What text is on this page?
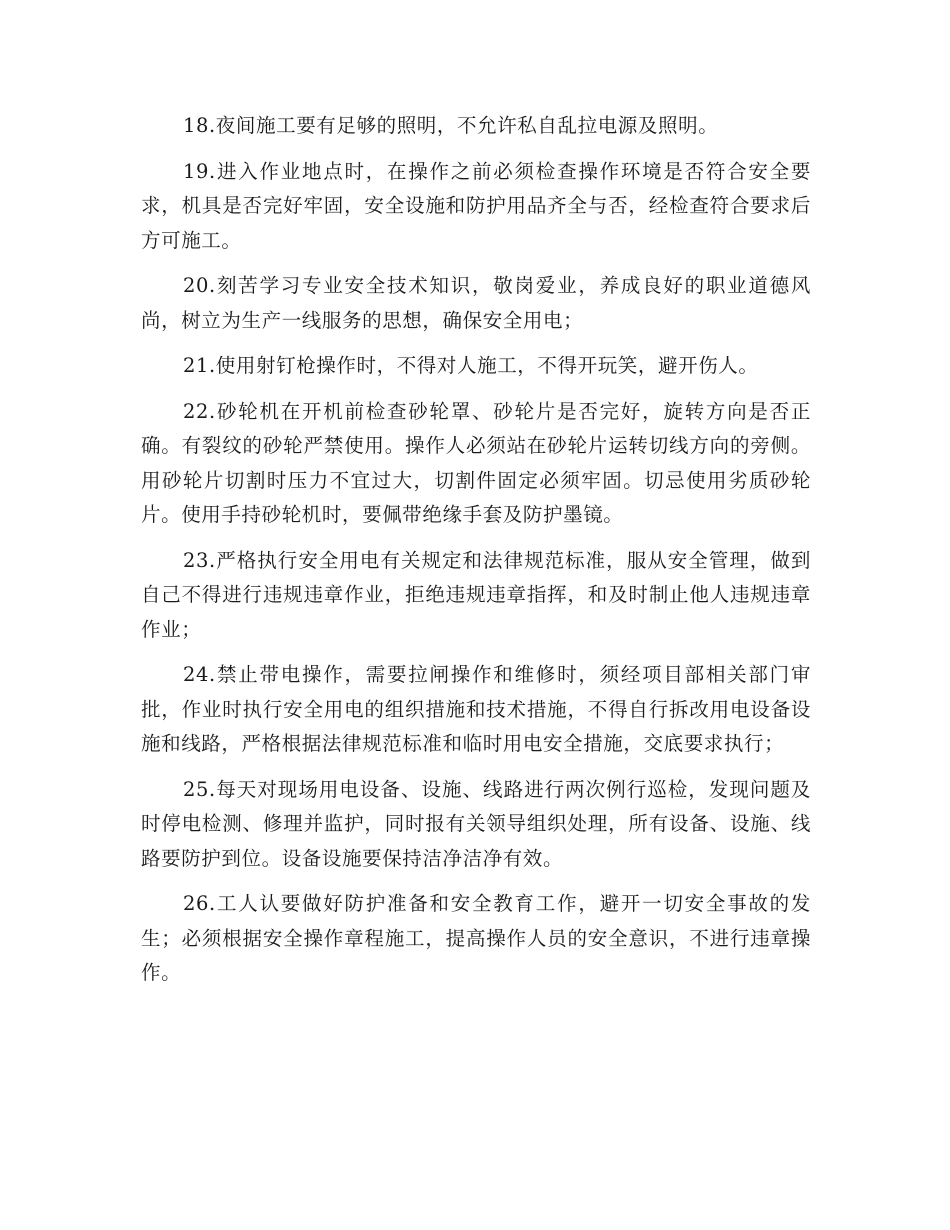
18.夜间施工要有足够的照明，不允许私自乱拉电源及照明。

19.进入作业地点时，在操作之前必须检查操作环境是否符合安全要求，机具是否完好牢固，安全设施和防护用品齐全与否，经检查符合要求后方可施工。

20.刻苦学习专业安全技术知识，敬岗爱业，养成良好的职业道德风尚，树立为生产一线服务的思想，确保安全用电；

21.使用射钉枪操作时，不得对人施工，不得开玩笑，避开伤人。

22.砂轮机在开机前检查砂轮罩、砂轮片是否完好，旋转方向是否正确。有裂纹的砂轮严禁使用。操作人必须站在砂轮片运转切线方向的旁侧。用砂轮片切割时压力不宜过大，切割件固定必须牢固。切忌使用劣质砂轮片。使用手持砂轮机时，要佩带绝缘手套及防护墨镜。

23.严格执行安全用电有关规定和法律规范标准，服从安全管理，做到自己不得进行违规违章作业，拒绝违规违章指挥，和及时制止他人违规违章作业；

24.禁止带电操作，需要拉闸操作和维修时，须经项目部相关部门审批，作业时执行安全用电的组织措施和技术措施，不得自行拆改用电设备设施和线路，严格根据法律规范标准和临时用电安全措施，交底要求执行；

25.每天对现场用电设备、设施、线路进行两次例行巡检，发现问题及时停电检测、修理并监护，同时报有关领导组织处理，所有设备、设施、线路要防护到位。设备设施要保持洁净洁净有效。

26.工人认要做好防护准备和安全教育工作，避开一切安全事故的发生；必须根据安全操作章程施工，提高操作人员的安全意识，不进行违章操作。
